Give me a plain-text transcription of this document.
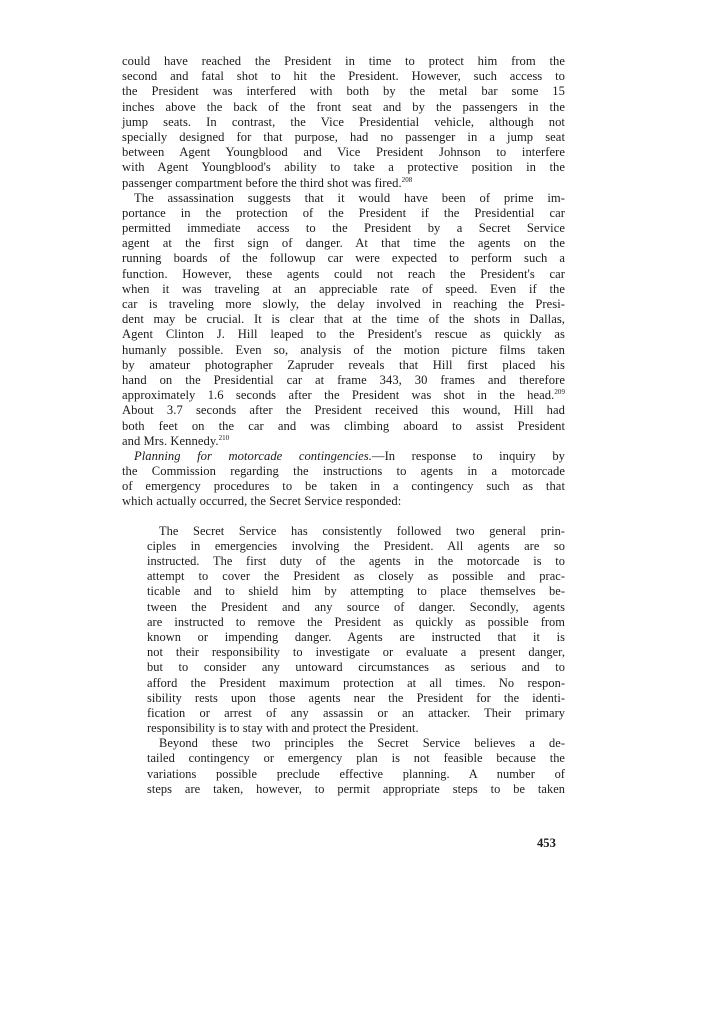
could have reached the President in time to protect him from the
second and fatal shot to hit the President. However, such access to
the President was interfered with both by the metal bar some 15
inches above the back of the front seat and by the passengers in the
jump seats. In contrast, the Vice Presidential vehicle, although not
specially designed for that purpose, had no passenger in a jump seat
between Agent Youngblood and Vice President Johnson to interfere
with Agent Youngblood's ability to take a protective position in the
passenger compartment before the third shot was fired.$^{208}$
The assassination suggests that it would have been of prime im-
portance in the protection of the President if the Presidential car
permitted immediate access to the President by a Secret Service
agent at the first sign of danger. At that time the agents on the
running boards of the followup car were expected to perform such a
function. However, these agents could not reach the President's car
when it was traveling at an appreciable rate of speed. Even if the
car is traveling more slowly, the delay involved in reaching the Presi-
dent may be crucial. It is clear that at the time of the shots in Dallas,
Agent Clinton J. Hill leaped to the President's rescue as quickly as
humanly possible. Even so, analysis of the motion picture films taken
by amateur photographer Zapruder reveals that Hill first placed his
hand on the Presidential car at frame 343, 30 frames and therefore
approximately 1.6 seconds after the President was shot in the head.$^{209}$
About 3.7 seconds after the President received this wound, Hill had
both feet on the car and was climbing aboard to assist President
and Mrs. Kennedy.$^{210}$
Planning for motorcade contingencies.—In response to inquiry by
the Commission regarding the instructions to agents in a motorcade
of emergency procedures to be taken in a contingency such as that
which actually occurred, the Secret Service responded:
The Secret Service has consistently followed two general prin-
ciples in emergencies involving the President. All agents are so
instructed. The first duty of the agents in the motorcade is to
attempt to cover the President as closely as possible and prac-
ticable and to shield him by attempting to place themselves be-
tween the President and any source of danger. Secondly, agents
are instructed to remove the President as quickly as possible from
known or impending danger. Agents are instructed that it is
not their responsibility to investigate or evaluate a present danger,
but to consider any untoward circumstances as serious and to
afford the President maximum protection at all times. No respon-
sibility rests upon those agents near the President for the identi-
fication or arrest of any assassin or an attacker. Their primary
responsibility is to stay with and protect the President.
Beyond these two principles the Secret Service believes a de-
tailed contingency or emergency plan is not feasible because the
variations possible preclude effective planning. A number of
steps are taken, however, to permit appropriate steps to be taken
453
